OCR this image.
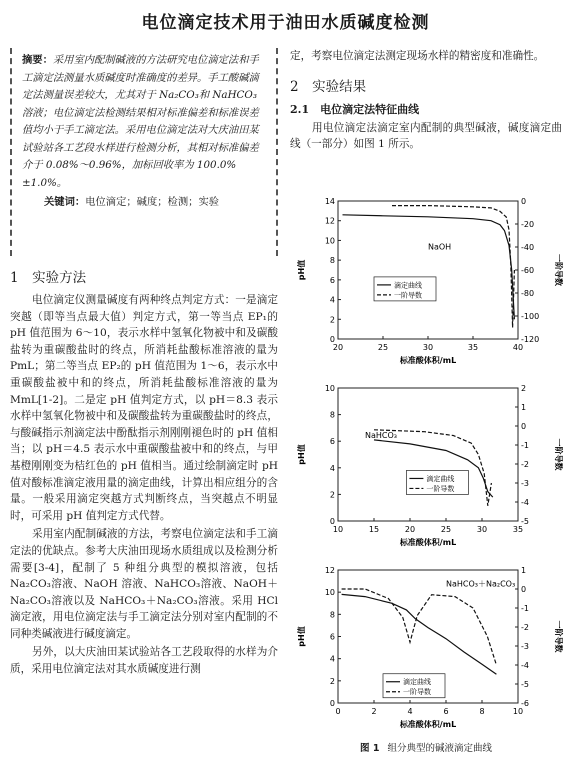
电位滴定技术用于油田水质碱度检测
摘要：采用室内配制碱液的方法研究电位滴定法和手工滴定法测量水质碱度时准确度的差异。手工酸碱滴定法测量误差较大，尤其对于 Na₂CO₃和 NaHCO₃溶液；电位滴定法检测结果相对标准偏差和标准误差值均小于手工滴定法。采用电位滴定法对大庆油田某试验站各工艺段水样进行检测分析，其相对标准偏差介于 0.08%～0.96%，加标回收率为 100.0%±1.0%。
关键词：电位滴定；碱度；检测；实验
1　实验方法

电位滴定仪测量碱度有两种终点判定方式：一是滴定突越（即等当点最大值）判定方式，第一等当点 EP₁的 pH 值范围为 6～10，表示水样中氢氧化物被中和及碳酸盐转为重碳酸盐时的终点，所消耗盐酸标准溶液的量为 PmL；第二等当点 EP₂的 pH 值范围为 1～6，表示水中重碳酸盐被中和的终点，所消耗盐酸标准溶液的量为 MmL[1-2]。二是定 pH 值判定方式，以 pH＝8.3 表示水样中氢氧化物被中和及碳酸盐转为重碳酸盐时的终点，与酸碱指示剂滴定法中酚酞指示剂刚刚褪色时的 pH 值相当；以 pH＝4.5 表示水中重碳酸盐被中和的终点，与甲基橙刚刚变为桔红色的 pH 值相当。通过绘制滴定时 pH 值对酸标准滴定液用量的滴定曲线，计算出相应组分的含量。一般采用滴定突越方式判断终点，当突越点不明显时，可采用 pH 值判定方式代替。

采用室内配制碱液的方法，考察电位滴定法和手工滴定法的优缺点。参考大庆油田现场水质组成以及检测分析需要[3-4]，配制了 5 种组分典型的模拟溶液，包括 Na₂CO₃溶液、NaOH 溶液、NaHCO₃溶液、NaOH＋Na₂CO₃溶液以及 NaHCO₃＋Na₂CO₃溶液。采用 HCl 滴定液，用电位滴定法与手工滴定法分别对室内配制的不同种类碱液进行碱度滴定。

另外，以大庆油田某试验站各工艺段取得的水样为介质，采用电位滴定法对其水质碱度进行测

定，考察电位滴定法测定现场水样的精密度和准确性。

2　实验结果
2.1　电位滴定法特征曲线

用电位滴定法滴定室内配制的典型碱液，碱度滴定曲线（一部分）如图 1 所示。

20	25	30	35	40
0
2
4
6
8
10
12
14
-120
-100
-80
-60
-40
-20
0
标准酸体积/mL
pH值	一阶导数
NaOH
滴定曲线
一阶导数
10	15	20	25	30	35
0
2
4
6
8
10
-5
-4
-3
-2
-1
0
1
2
标准酸体积/mL
pH值	一阶导数
NaHCO₃
滴定曲线
一阶导数
0	2	4	6	8	10
0
2
4
6
8
10
12
-6
-5
-4
-3
-2
-1
0
1
标准酸体积/mL
pH值	一阶导数
NaHCO₃＋Na₂CO₃
滴定曲线
一阶导数
图 1 组分典型的碱液滴定曲线
